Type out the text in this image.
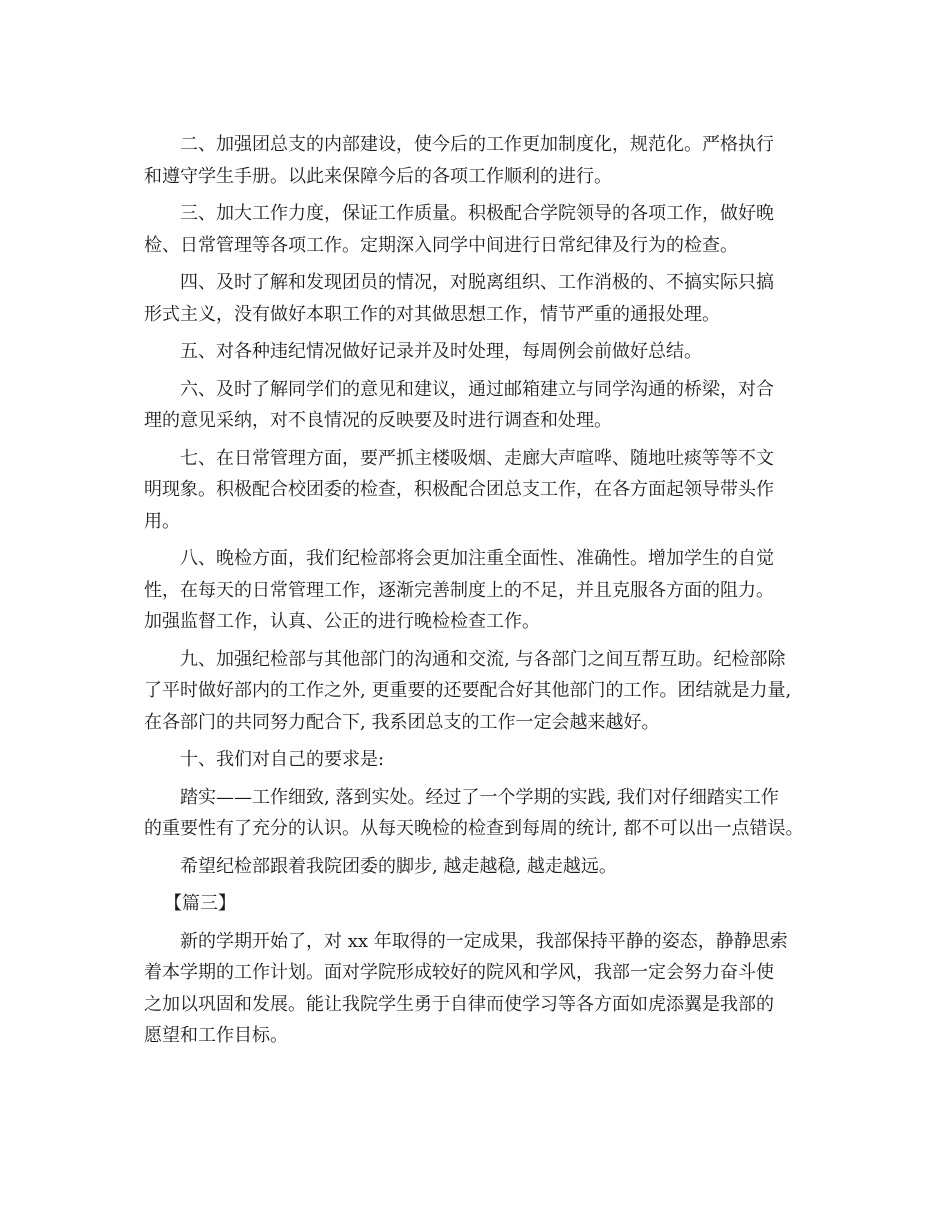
二、加强团总支的内部建设，使今后的工作更加制度化，规范化。严格执行
和遵守学生手册。以此来保障今后的各项工作顺利的进行。
三、加大工作力度，保证工作质量。积极配合学院领导的各项工作，做好晚
检、日常管理等各项工作。定期深入同学中间进行日常纪律及行为的检查。
四、及时了解和发现团员的情况，对脱离组织、工作消极的、不搞实际只搞
形式主义，没有做好本职工作的对其做思想工作，情节严重的通报处理。
五、对各种违纪情况做好记录并及时处理，每周例会前做好总结。
六、及时了解同学们的意见和建议，通过邮箱建立与同学沟通的桥梁，对合
理的意见采纳，对不良情况的反映要及时进行调查和处理。
七、在日常管理方面，要严抓主楼吸烟、走廊大声喧哗、随地吐痰等等不文
明现象。积极配合校团委的检查，积极配合团总支工作，在各方面起领导带头作
用。
八、晚检方面，我们纪检部将会更加注重全面性、准确性。增加学生的自觉
性，在每天的日常管理工作，逐渐完善制度上的不足，并且克服各方面的阻力。
加强监督工作，认真、公正的进行晚检检查工作。
九、加强纪检部与其他部门的沟通和交流, 与各部门之间互帮互助。纪检部除
了平时做好部内的工作之外, 更重要的还要配合好其他部门的工作。团结就是力量,
在各部门的共同努力配合下, 我系团总支的工作一定会越来越好。
十、我们对自己的要求是:
踏实——工作细致, 落到实处。经过了一个学期的实践, 我们对仔细踏实工作
的重要性有了充分的认识。从每天晚检的检查到每周的统计, 都不可以出一点错误。
希望纪检部跟着我院团委的脚步, 越走越稳, 越走越远。
【篇三】
新的学期开始了，对 xx 年取得的一定成果，我部保持平静的姿态，静静思索
着本学期的工作计划。面对学院形成较好的院风和学风，我部一定会努力奋斗使
之加以巩固和发展。能让我院学生勇于自律而使学习等各方面如虎添翼是我部的
愿望和工作目标。
